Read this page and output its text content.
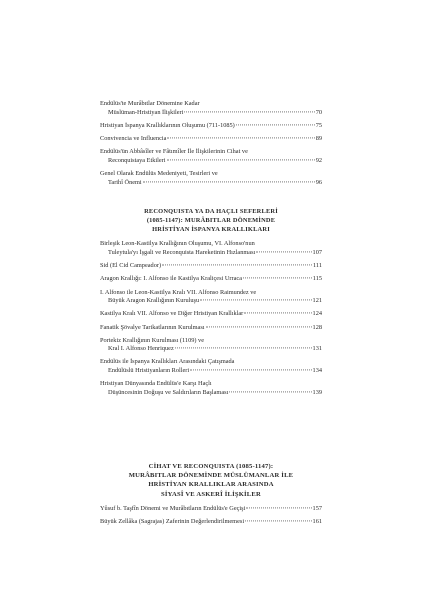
Endülüs'te Murâbıtlar Dönemine Kadar
Müslüman-Hristiyan İlişkileri	70
Hristiyan İspanya Krallıklarının Oluşumu (711-1085)	75
Convivencia ve Influencia	89
Endülüs'ün Abbâsîler ve Fâtımîler İle İlişkilerinin Cihat ve
Reconquistaya Etkileri	92
Genel Olarak Endülüs Medeniyeti, Tesirleri ve
Tarihî Önemi	96
RECONQUISTA YA DA HAÇLI SEFERLERİ
(1085-1147): MURÂBITLAR DÖNEMİNDE
HRİSTİYAN İSPANYA KRALLIKLARI
Birleşik Leon-Kastilya Krallığının Oluşumu, VI. Alfonso'nun
Tuleytula'yı İşgali ve Reconquista Hareketinin Hızlanması	107
Sid (El Cid Campeador)	111
Aragon Krallığı: I. Alfonso ile Kastilya Kraliçesi Urraca	115
I. Alfonso ile Leon-Kastilya Kralı VII. Alfonso Raimundez ve
Büyük Aragon Krallığının Kuruluşu	121
Kastilya Kralı VII. Alfonso ve Diğer Hristiyan Krallıklar	124
Fanatik Şövalye Tarikatlarının Kurulması	128
Portekiz Krallığının Kurulması (1109) ve
Kral I. Alfonso Henriquez	131
Endülüs ile İspanya Krallıkları Arasındaki Çatışmada
Endülüslü Hristiyanların Rolleri	134
Hristiyan Dünyasında Endülüs'e Karşı Haçlı
Düşüncesinin Doğuşu ve Saldırıların Başlaması	139
CİHAT VE RECONQUISTA (1085-1147):
MURÂBITLAR DÖNEMİNDE MÜSLÜMANLAR İLE
HRİSTİYAN KRALLIKLAR ARASINDA
SİYASÎ VE ASKERÎ İLİŞKİLER
Yûsuf b. Taşfîn Dönemi ve Murâbıtların Endülüs'e Geçişi	157
Büyük Zellâka (Sagrajas) Zaferinin Değerlendirilmemesi	161
